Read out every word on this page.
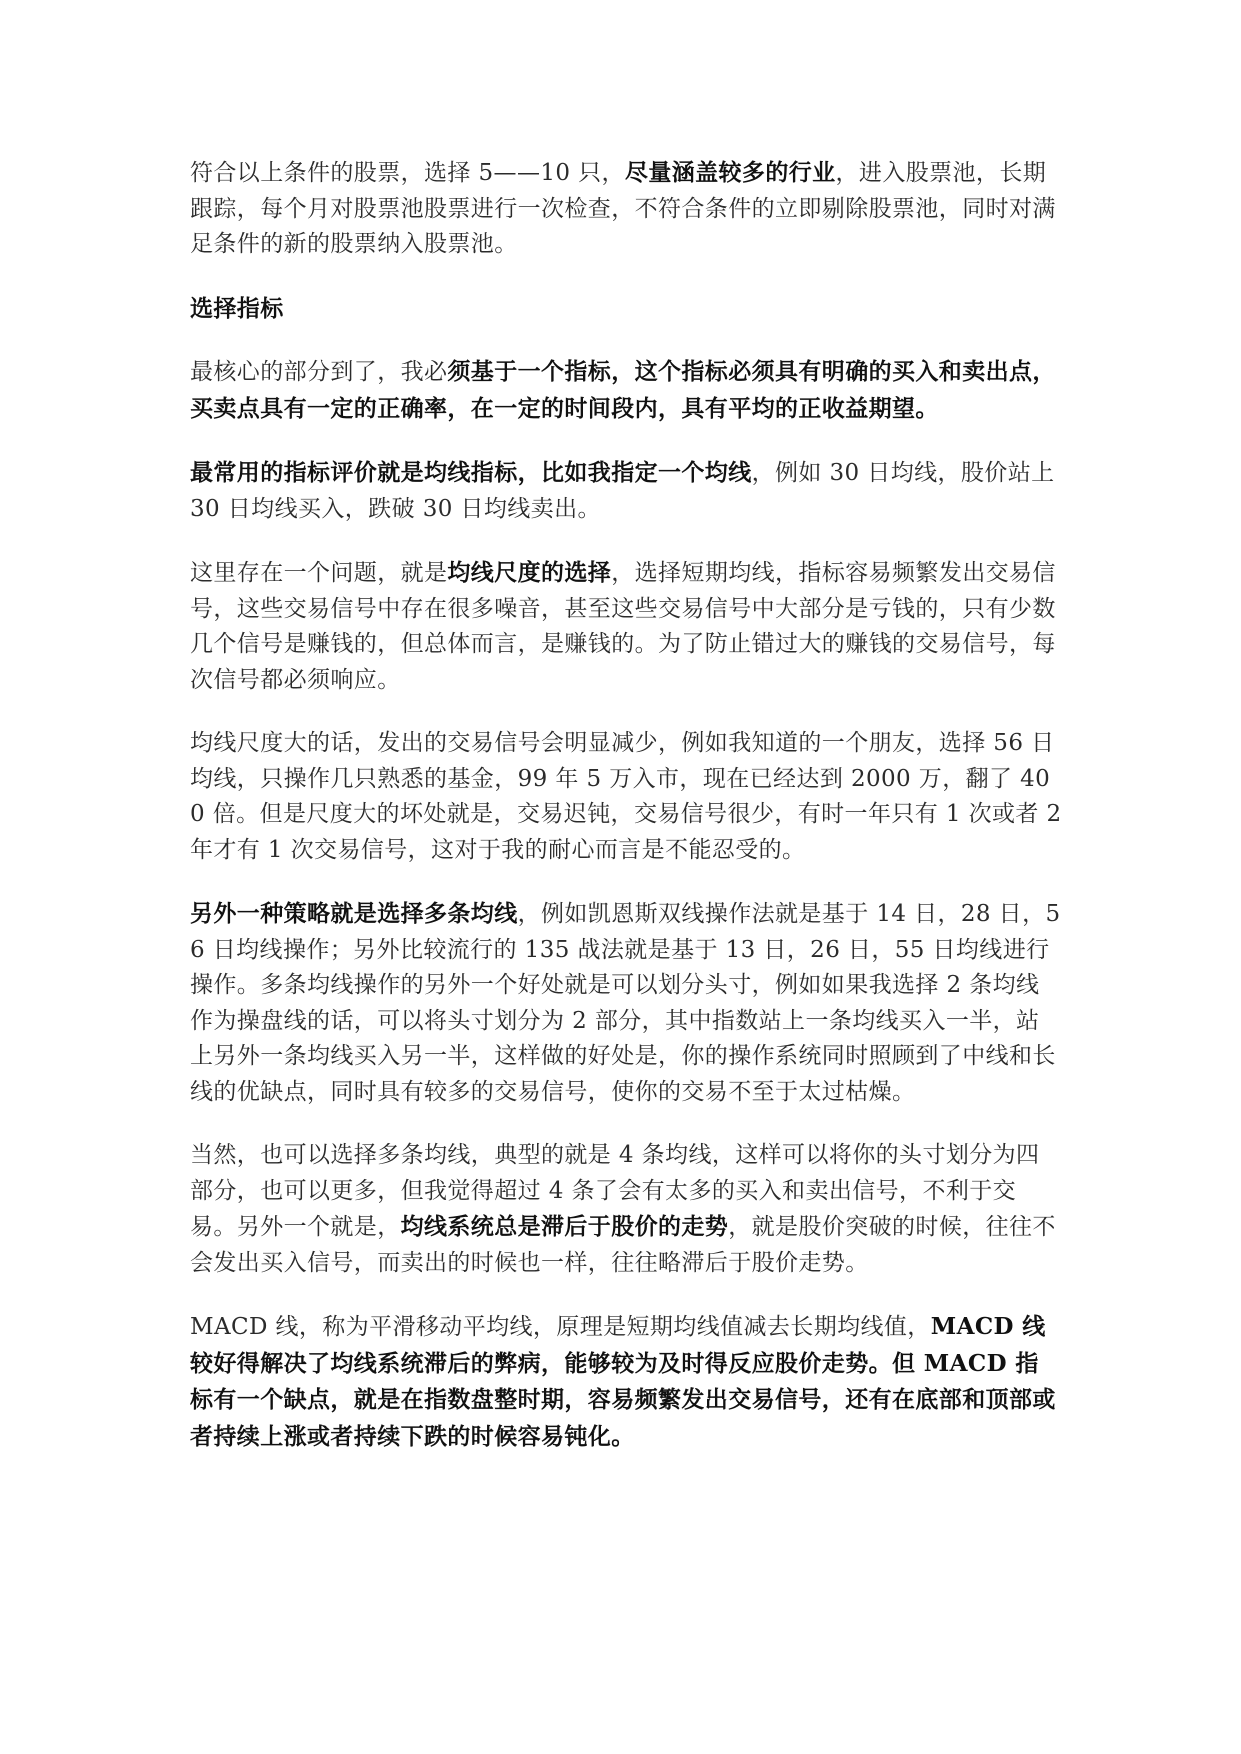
符合以上条件的股票，选择 5——10 只，尽量涵盖较多的行业，进入股票池，长期跟踪，每个月对股票池股票进行一次检查，不符合条件的立即剔除股票池，同时对满足条件的新的股票纳入股票池。

选择指标

最核心的部分到了，我必须基于一个指标，这个指标必须具有明确的买入和卖出点，买卖点具有一定的正确率，在一定的时间段内，具有平均的正收益期望。

最常用的指标评价就是均线指标，比如我指定一个均线，例如 30 日均线，股价站上 30 日均线买入，跌破 30 日均线卖出。

这里存在一个问题，就是均线尺度的选择，选择短期均线，指标容易频繁发出交易信号，这些交易信号中存在很多噪音，甚至这些交易信号中大部分是亏钱的，只有少数几个信号是赚钱的，但总体而言，是赚钱的。为了防止错过大的赚钱的交易信号，每次信号都必须响应。

均线尺度大的话，发出的交易信号会明显减少，例如我知道的一个朋友，选择 56 日均线，只操作几只熟悉的基金，99 年 5 万入市，现在已经达到 2000 万，翻了 400 倍。但是尺度大的坏处就是，交易迟钝，交易信号很少，有时一年只有 1 次或者 2 年才有 1 次交易信号，这对于我的耐心而言是不能忍受的。

另外一种策略就是选择多条均线，例如凯恩斯双线操作法就是基于 14 日，28 日，56 日均线操作；另外比较流行的 135 战法就是基于 13 日，26 日，55 日均线进行操作。多条均线操作的另外一个好处就是可以划分头寸，例如如果我选择 2 条均线作为操盘线的话，可以将头寸划分为 2 部分，其中指数站上一条均线买入一半，站上另外一条均线买入另一半，这样做的好处是，你的操作系统同时照顾到了中线和长线的优缺点，同时具有较多的交易信号，使你的交易不至于太过枯燥。

当然，也可以选择多条均线，典型的就是 4 条均线，这样可以将你的头寸划分为四部分，也可以更多，但我觉得超过 4 条了会有太多的买入和卖出信号，不利于交易。另外一个就是，均线系统总是滞后于股价的走势，就是股价突破的时候，往往不会发出买入信号，而卖出的时候也一样，往往略滞后于股价走势。

MACD 线，称为平滑移动平均线，原理是短期均线值减去长期均线值，MACD 线较好得解决了均线系统滞后的弊病，能够较为及时得反应股价走势。但 MACD 指标有一个缺点，就是在指数盘整时期，容易频繁发出交易信号，还有在底部和顶部或者持续上涨或者持续下跌的时候容易钝化。
